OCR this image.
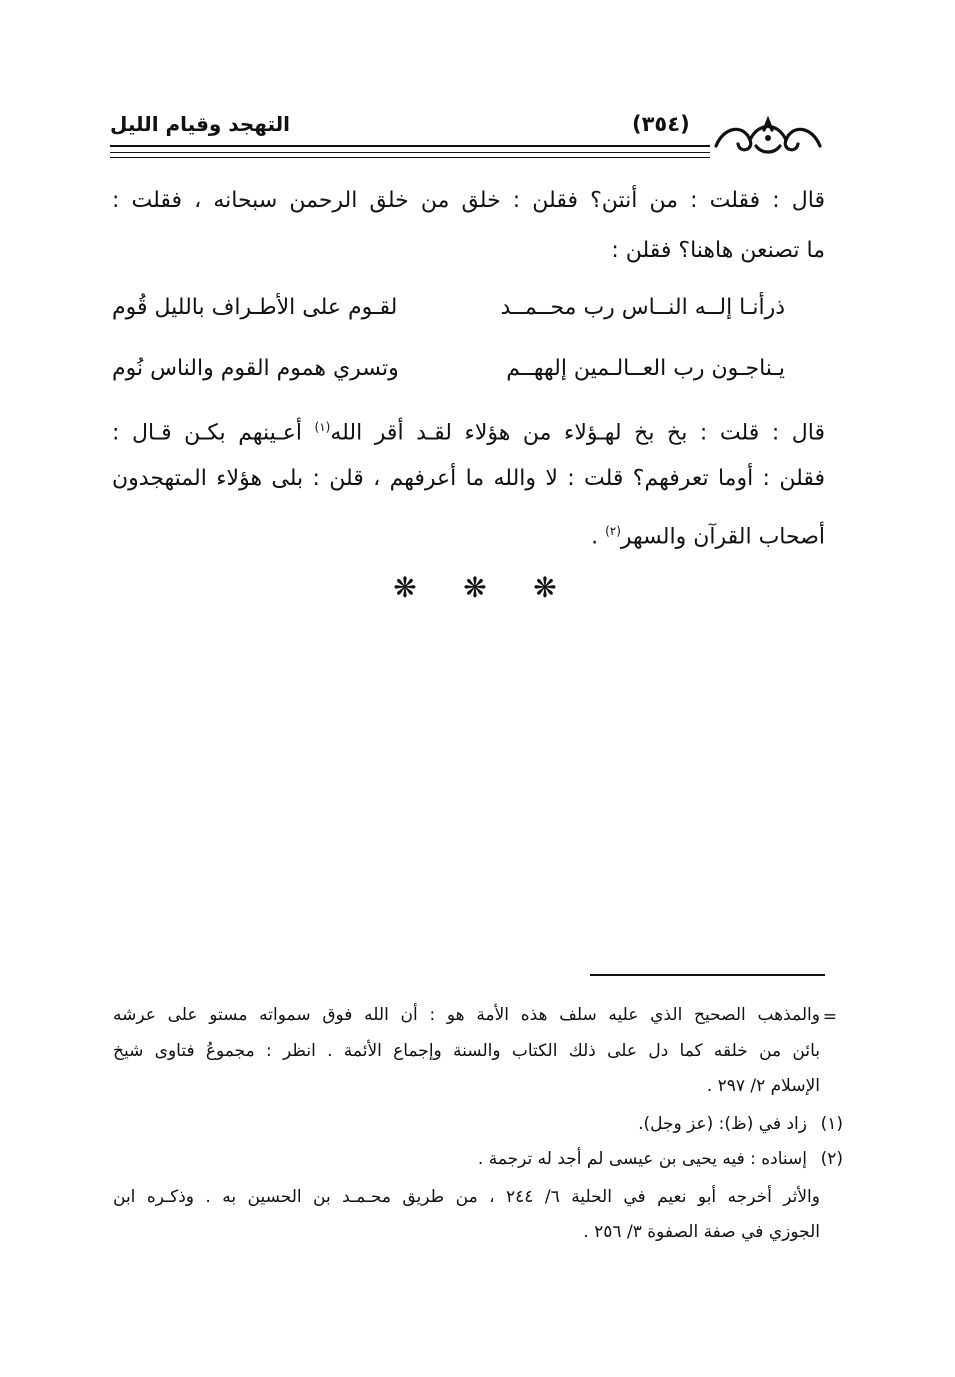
التهجد وقيام الليل	(٣٥٤)
قال : فقلت : من أنتن؟ فقلن : خلق من خلق الرحمن سبحانه ، فقلت :
ما تصنعن هاهنا؟ فقلن :
ذرأنـا إلــه النــاس رب محــمــد
لقـوم على الأطـراف بالليل قُوم
يـناجـون رب العــالـمين إلههــم
وتسري هموم القوم والناس نُوم
قال : قلت : بخ بخ لهـؤلاء من هؤلاء لقـد أقر الله$^{(١)}$ أعـينهم بكـن قـال :
فقلن : أوما تعرفهم؟ قلت : لا والله ما أعرفهم ، قلن : بلى هؤلاء المتهجدون
أصحاب القرآن والسهر$^{(٢)}$ .
❋ ❋ ❋
=
والمذهب الصحيح الذي عليه سلف هذه الأمة هو : أن الله فوق سمواته مستو على عرشه
بائن من خلقه كما دل على ذلك الكتاب والسنة وإجماع الأئمة . انظر : مجموعُ فتاوى شيخ
الإسلام ٢/ ٢٩٧ .
(١)
زاد في (ظ): (عز وجل).
(٢)
إسناده : فيه يحيى بن عيسى لم أجد له ترجمة .
والأثر أخرجه أبو نعيم في الحلية ٦/ ٢٤٤ ، من طريق محـمـد بن الحسين به . وذكـره ابن
الجوزي في صفة الصفوة ٣/ ٢٥٦ .
